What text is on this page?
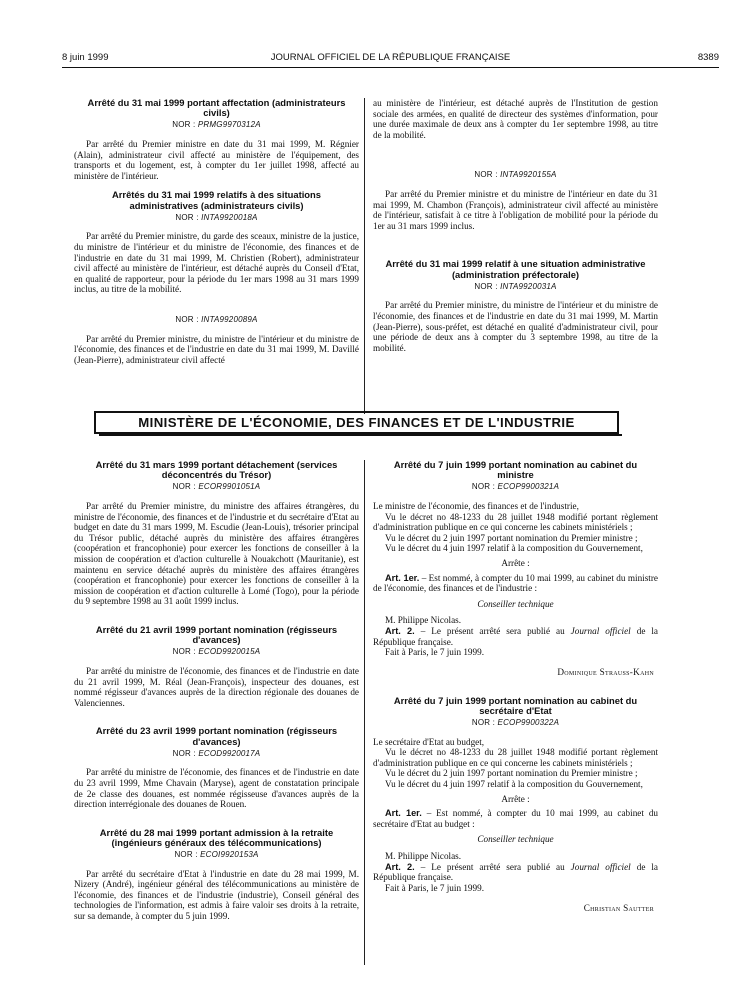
8 juin 1999	JOURNAL OFFICIEL DE LA RÉPUBLIQUE FRANÇAISE	8389
Arrêté du 31 mai 1999 portant affectation (administrateurs civils)
NOR : PRMG9970312A

Par arrêté du Premier ministre en date du 31 mai 1999, M. Régnier (Alain), administrateur civil affecté au ministère de l'équipement, des transports et du logement, est, à compter du 1er juillet 1998, affecté au ministère de l'intérieur.

Arrêtés du 31 mai 1999 relatifs à des situations administratives (administrateurs civils)
NOR : INTA9920018A

Par arrêté du Premier ministre, du garde des sceaux, ministre de la justice, du ministre de l'intérieur et du ministre de l'économie, des finances et de l'industrie en date du 31 mai 1999, M. Christien (Robert), administrateur civil affecté au ministère de l'intérieur, est détaché auprès du Conseil d'Etat, en qualité de rapporteur, pour la période du 1er mars 1998 au 31 mars 1999 inclus, au titre de la mobilité.

NOR : INTA9920089A

Par arrêté du Premier ministre, du ministre de l'intérieur et du ministre de l'économie, des finances et de l'industrie en date du 31 mai 1999, M. Davillé (Jean-Pierre), administrateur civil affecté

au ministère de l'intérieur, est détaché auprès de l'Institution de gestion sociale des armées, en qualité de directeur des systèmes d'information, pour une durée maximale de deux ans à compter du 1er septembre 1998, au titre de la mobilité.

NOR : INTA9920155A

Par arrêté du Premier ministre et du ministre de l'intérieur en date du 31 mai 1999, M. Chambon (François), administrateur civil affecté au ministère de l'intérieur, satisfait à ce titre à l'obligation de mobilité pour la période du 1er au 31 mars 1999 inclus.

Arrêté du 31 mai 1999 relatif à une situation administrative (administration préfectorale)
NOR : INTA9920031A

Par arrêté du Premier ministre, du ministre de l'intérieur et du ministre de l'économie, des finances et de l'industrie en date du 31 mai 1999, M. Martin (Jean-Pierre), sous-préfet, est détaché en qualité d'administrateur civil, pour une période de deux ans à compter du 3 septembre 1998, au titre de la mobilité.

MINISTÈRE DE L'ÉCONOMIE, DES FINANCES ET DE L'INDUSTRIE
Arrêté du 31 mars 1999 portant détachement (services déconcentrés du Trésor)
NOR : ECOR9901051A

Par arrêté du Premier ministre, du ministre des affaires étrangères, du ministre de l'économie, des finances et de l'industrie et du secrétaire d'Etat au budget en date du 31 mars 1999, M. Escudie (Jean-Louis), trésorier principal du Trésor public, détaché auprès du ministère des affaires étrangères (coopération et francophonie) pour exercer les fonctions de conseiller à la mission de coopération et d'action culturelle à Nouakchott (Mauritanie), est maintenu en service détaché auprès du ministère des affaires étrangères (coopération et francophonie) pour exercer les fonctions de conseiller à la mission de coopération et d'action culturelle à Lomé (Togo), pour la période du 9 septembre 1998 au 31 août 1999 inclus.

Arrêté du 21 avril 1999 portant nomination (régisseurs d'avances)
NOR : ECOD9920015A

Par arrêté du ministre de l'économie, des finances et de l'industrie en date du 21 avril 1999, M. Réal (Jean-François), inspecteur des douanes, est nommé régisseur d'avances auprès de la direction régionale des douanes de Valenciennes.

Arrêté du 23 avril 1999 portant nomination (régisseurs d'avances)
NOR : ECOD9920017A

Par arrêté du ministre de l'économie, des finances et de l'industrie en date du 23 avril 1999, Mme Chavain (Maryse), agent de constatation principale de 2e classe des douanes, est nommée régisseuse d'avances auprès de la direction interrégionale des douanes de Rouen.

Arrêté du 28 mai 1999 portant admission à la retraite (ingénieurs généraux des télécommunications)
NOR : ECOI9920153A

Par arrêté du secrétaire d'Etat à l'industrie en date du 28 mai 1999, M. Nizery (André), ingénieur général des télécommunications au ministère de l'économie, des finances et de l'industrie (industrie), Conseil général des technologies de l'information, est admis à faire valoir ses droits à la retraite, sur sa demande, à compter du 5 juin 1999.

Arrêté du 7 juin 1999 portant nomination au cabinet du ministre
NOR : ECOP9900321A

Le ministre de l'économie, des finances et de l'industrie,

Vu le décret no 48-1233 du 28 juillet 1948 modifié portant règlement d'administration publique en ce qui concerne les cabinets ministériels ;

Vu le décret du 2 juin 1997 portant nomination du Premier ministre ;

Vu le décret du 4 juin 1997 relatif à la composition du Gouvernement,

Arrête :

Art. 1er. – Est nommé, à compter du 10 mai 1999, au cabinet du ministre de l'économie, des finances et de l'industrie :

Conseiller technique

M. Philippe Nicolas.

Art. 2. – Le présent arrêté sera publié au Journal officiel de la République française.

Fait à Paris, le 7 juin 1999.

Dominique Strauss-Kahn

Arrêté du 7 juin 1999 portant nomination au cabinet du secrétaire d'Etat
NOR : ECOP9900322A

Le secrétaire d'Etat au budget,

Vu le décret no 48-1233 du 28 juillet 1948 modifié portant règlement d'administration publique en ce qui concerne les cabinets ministériels ;

Vu le décret du 2 juin 1997 portant nomination du Premier ministre ;

Vu le décret du 4 juin 1997 relatif à la composition du Gouvernement,

Arrête :

Art. 1er. – Est nommé, à compter du 10 mai 1999, au cabinet du secrétaire d'Etat au budget :

Conseiller technique

M. Philippe Nicolas.

Art. 2. – Le présent arrêté sera publié au Journal officiel de la République française.

Fait à Paris, le 7 juin 1999.

Christian Sautter
